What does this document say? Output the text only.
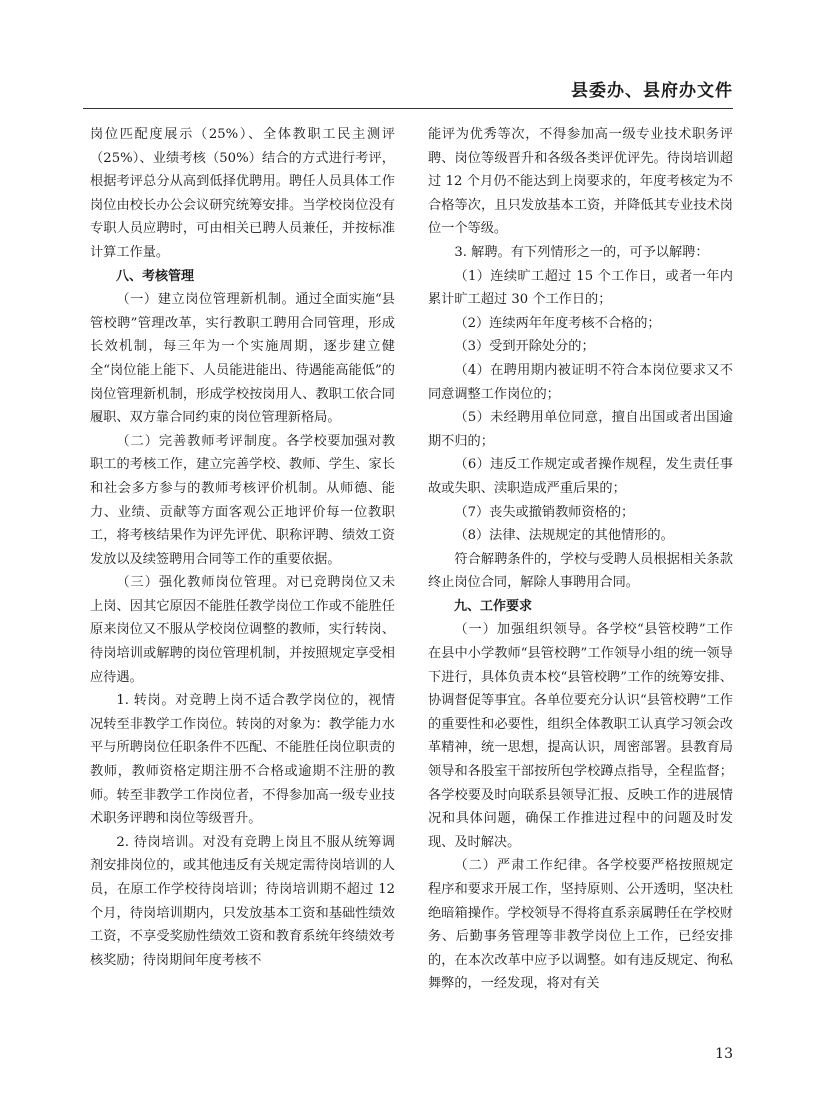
县委办、县府办文件

岗位匹配度展示（25%）、全体教职工民主测评（25%）、业绩考核（50%）结合的方式进行考评，根据考评总分从高到低择优聘用。聘任人员具体工作岗位由校长办公会议研究统筹安排。当学校岗位没有专职人员应聘时，可由相关已聘人员兼任，并按标准计算工作量。

八、考核管理

（一）建立岗位管理新机制。通过全面实施“县管校聘”管理改革，实行教职工聘用合同管理，形成长效机制，每三年为一个实施周期，逐步建立健全“岗位能上能下、人员能进能出、待遇能高能低”的岗位管理新机制，形成学校按岗用人、教职工依合同履职、双方靠合同约束的岗位管理新格局。

（二）完善教师考评制度。各学校要加强对教职工的考核工作，建立完善学校、教师、学生、家长和社会多方参与的教师考核评价机制。从师德、能力、业绩、贡献等方面客观公正地评价每一位教职工，将考核结果作为评先评优、职称评聘、绩效工资发放以及续签聘用合同等工作的重要依据。

（三）强化教师岗位管理。对已竞聘岗位又未上岗、因其它原因不能胜任教学岗位工作或不能胜任原来岗位又不服从学校岗位调整的教师，实行转岗、待岗培训或解聘的岗位管理机制，并按照规定享受相应待遇。

1. 转岗。对竞聘上岗不适合教学岗位的，视情况转至非教学工作岗位。转岗的对象为：教学能力水平与所聘岗位任职条件不匹配、不能胜任岗位职责的教师，教师资格定期注册不合格或逾期不注册的教师。转至非教学工作岗位者，不得参加高一级专业技术职务评聘和岗位等级晋升。

2. 待岗培训。对没有竞聘上岗且不服从统筹调剂安排岗位的，或其他违反有关规定需待岗培训的人员，在原工作学校待岗培训；待岗培训期不超过 12 个月，待岗培训期内，只发放基本工资和基础性绩效工资，不享受奖励性绩效工资和教育系统年终绩效考核奖励；待岗期间年度考核不

能评为优秀等次，不得参加高一级专业技术职务评聘、岗位等级晋升和各级各类评优评先。待岗培训超过 12 个月仍不能达到上岗要求的，年度考核定为不合格等次，且只发放基本工资，并降低其专业技术岗位一个等级。

3. 解聘。有下列情形之一的，可予以解聘：

（1）连续旷工超过 15 个工作日，或者一年内累计旷工超过 30 个工作日的；

（2）连续两年年度考核不合格的；

（3）受到开除处分的；

（4）在聘用期内被证明不符合本岗位要求又不同意调整工作岗位的；

（5）未经聘用单位同意，擅自出国或者出国逾期不归的；

（6）违反工作规定或者操作规程，发生责任事故或失职、渎职造成严重后果的；

（7）丧失或撤销教师资格的；

（8）法律、法规规定的其他情形的。

符合解聘条件的，学校与受聘人员根据相关条款终止岗位合同，解除人事聘用合同。

九、工作要求

（一）加强组织领导。各学校“县管校聘”工作在县中小学教师“县管校聘”工作领导小组的统一领导下进行，具体负责本校“县管校聘”工作的统筹安排、协调督促等事宜。各单位要充分认识“县管校聘”工作的重要性和必要性，组织全体教职工认真学习领会改革精神，统一思想，提高认识，周密部署。县教育局领导和各股室干部按所包学校蹲点指导，全程监督；各学校要及时向联系县领导汇报、反映工作的进展情况和具体问题，确保工作推进过程中的问题及时发现、及时解决。

（二）严肃工作纪律。各学校要严格按照规定程序和要求开展工作，坚持原则、公开透明，坚决杜绝暗箱操作。学校领导不得将直系亲属聘任在学校财务、后勤事务管理等非教学岗位上工作，已经安排的，在本次改革中应予以调整。如有违反规定、徇私舞弊的，一经发现，将对有关

13
